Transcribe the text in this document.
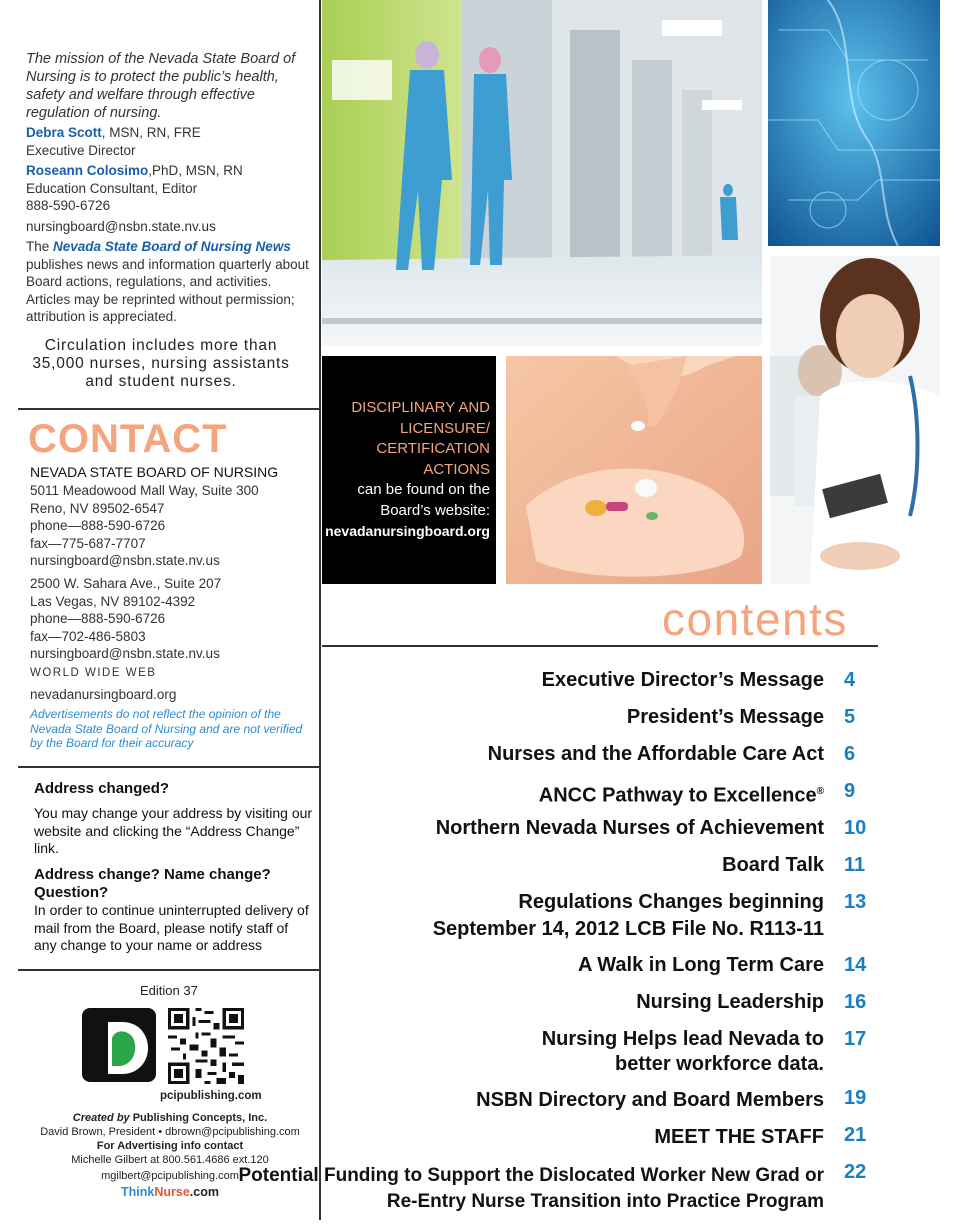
The mission of the Nevada State Board of Nursing is to protect the public’s health, safety and welfare through effective regulation of nursing.
Debra Scott, MSN, RN, FRE
Executive Director
Roseann Colosimo,PhD, MSN, RN
Education Consultant, Editor
888-590-6726
nursingboard@nsbn.state.nv.us
The Nevada State Board of Nursing News publishes news and information quarterly about Board actions, regulations, and activities. Articles may be reprinted without permission; attribution is appreciated.
Circulation includes more than 35,000 nurses, nursing assistants and student nurses.
CONTACT
NEVADA STATE BOARD OF NURSING
5011 Meadowood Mall Way, Suite 300
Reno, NV 89502-6547
phone—888-590-6726
fax—775-687-7707
nursingboard@nsbn.state.nv.us
2500 W. Sahara Ave., Suite 207
Las Vegas, NV 89102-4392
phone—888-590-6726
fax—702-486-5803
nursingboard@nsbn.state.nv.us
WORLD WIDE WEB
nevadanursingboard.org
Advertisements do not reflect the opinion of the Nevada State Board of Nursing and are not verified by the Board for their accuracy
Address changed?
You may change your address by visiting our website and clicking the “Address Change” link.
Address change? Name change? Question?
In order to continue uninterrupted delivery of mail from the Board, please notify staff of any change to your name or address
Edition 37
pcipublishing.com
Created by Publishing Concepts, Inc.
David Brown, President • dbrown@pcipublishing.com
For Advertising info contact
Michelle Gilbert at 800.561.4686 ext.120
mgilbert@pcipublishing.com
ThinkNurse.com
DISCIPLINARY AND LICENSURE/ CERTIFICATION ACTIONS
can be found on the Board’s website:
nevadanursingboard.org
contents
Executive Director’s Message 4
President’s Message 5
Nurses and the Affordable Care Act 6
ANCC Pathway to Excellence® 9
Northern Nevada Nurses of Achievement 10
Board Talk 11
Regulations Changes beginning
September 14, 2012 LCB File No. R113-11
13
A Walk in Long Term Care 14
Nursing Leadership 16
Nursing Helps lead Nevada to
better workforce data.
17
NSBN Directory and Board Members 19
MEET THE STAFF 21
Potential Funding to Support the Dislocated Worker New Grad or
Re-Entry Nurse Transition into Practice Program
22
